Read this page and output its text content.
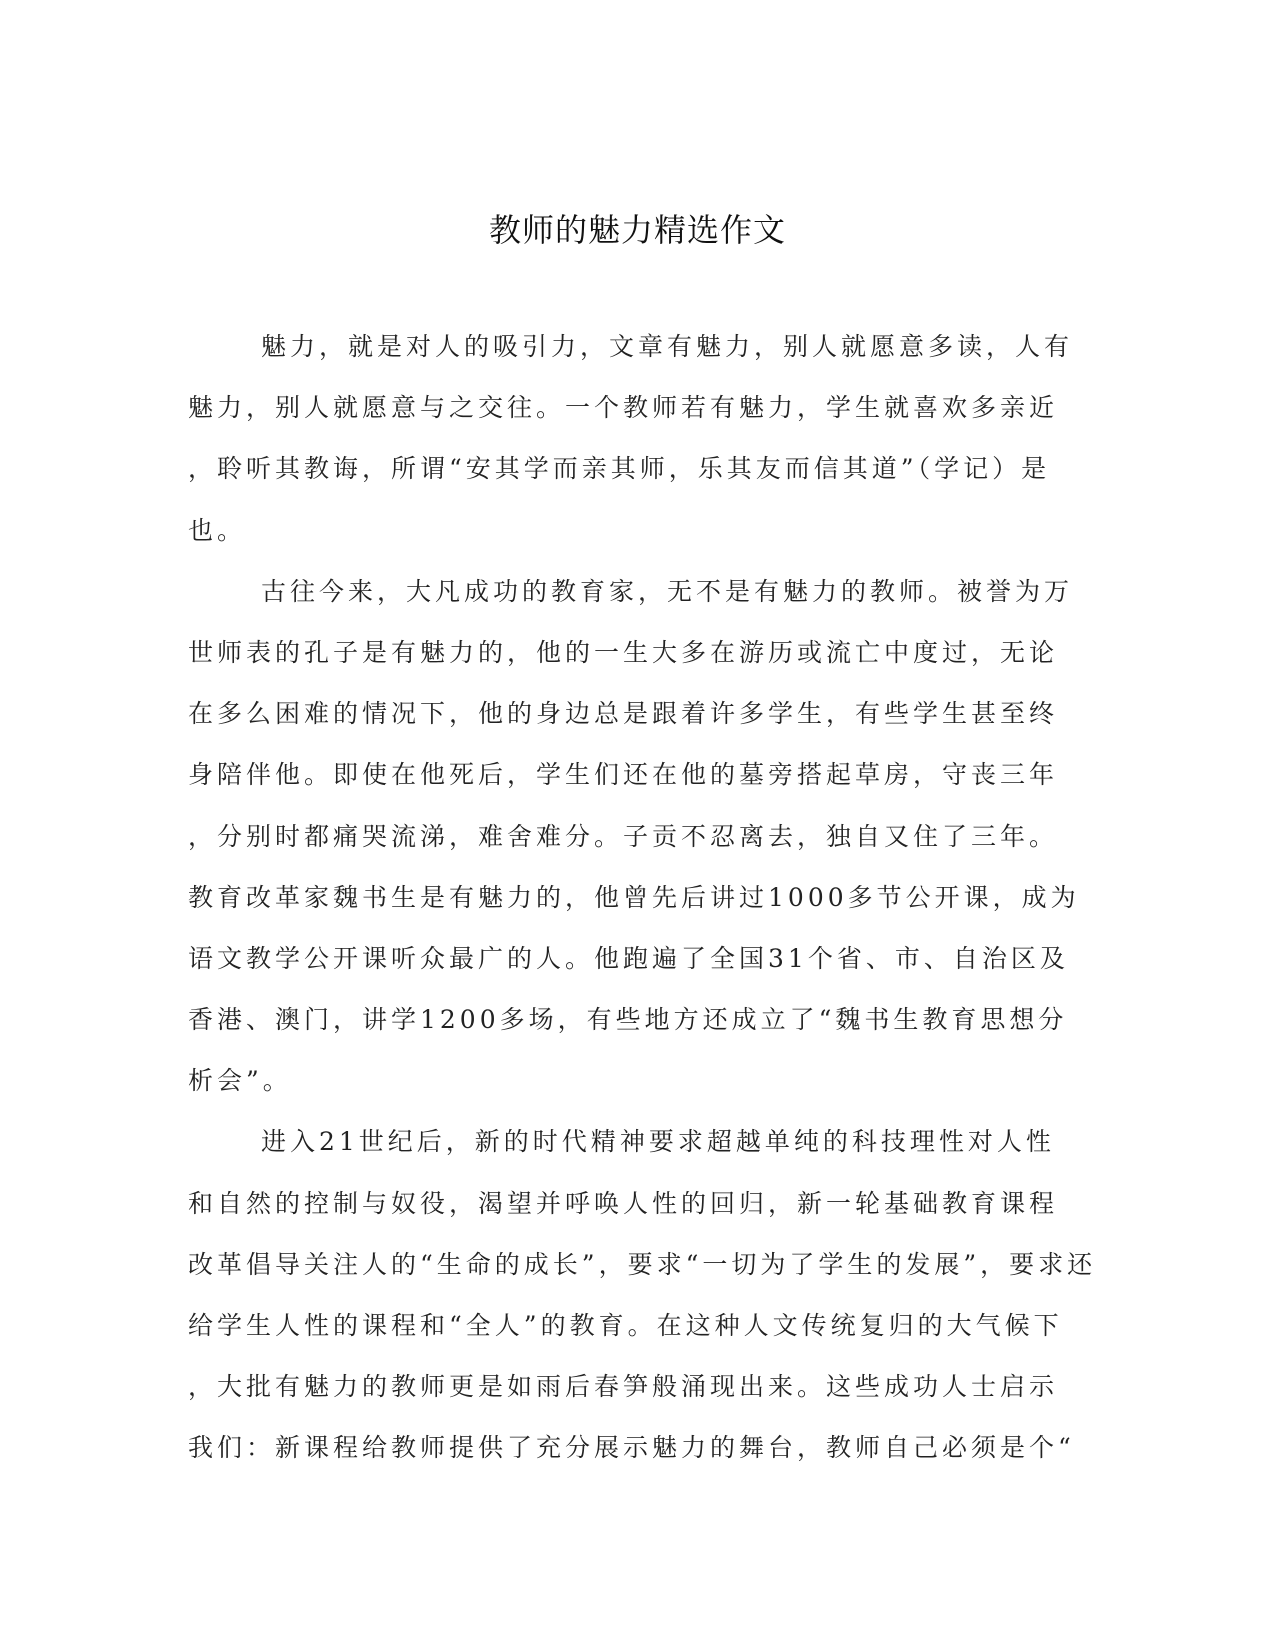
教师的魅力精选作文
魅力，就是对人的吸引力，文章有魅力，别人就愿意多读，人有
魅力，别人就愿意与之交往。一个教师若有魅力，学生就喜欢多亲近
，聆听其教诲，所谓“安其学而亲其师，乐其友而信其道”（学记）是
也。
古往今来，大凡成功的教育家，无不是有魅力的教师。被誉为万
世师表的孔子是有魅力的，他的一生大多在游历或流亡中度过，无论
在多么困难的情况下，他的身边总是跟着许多学生，有些学生甚至终
身陪伴他。即使在他死后，学生们还在他的墓旁搭起草房，守丧三年
，分别时都痛哭流涕，难舍难分。子贡不忍离去，独自又住了三年。
教育改革家魏书生是有魅力的，他曾先后讲过1000多节公开课，成为
语文教学公开课听众最广的人。他跑遍了全国31个省、市、自治区及
香港、澳门，讲学1200多场，有些地方还成立了“魏书生教育思想分
析会”。
进入21世纪后，新的时代精神要求超越单纯的科技理性对人性
和自然的控制与奴役，渴望并呼唤人性的回归，新一轮基础教育课程
改革倡导关注人的“生命的成长”，要求“一切为了学生的发展”，要求还
给学生人性的课程和“全人”的教育。在这种人文传统复归的大气候下
，大批有魅力的教师更是如雨后春笋般涌现出来。这些成功人士启示
我们：新课程给教师提供了充分展示魅力的舞台，教师自己必须是个“
